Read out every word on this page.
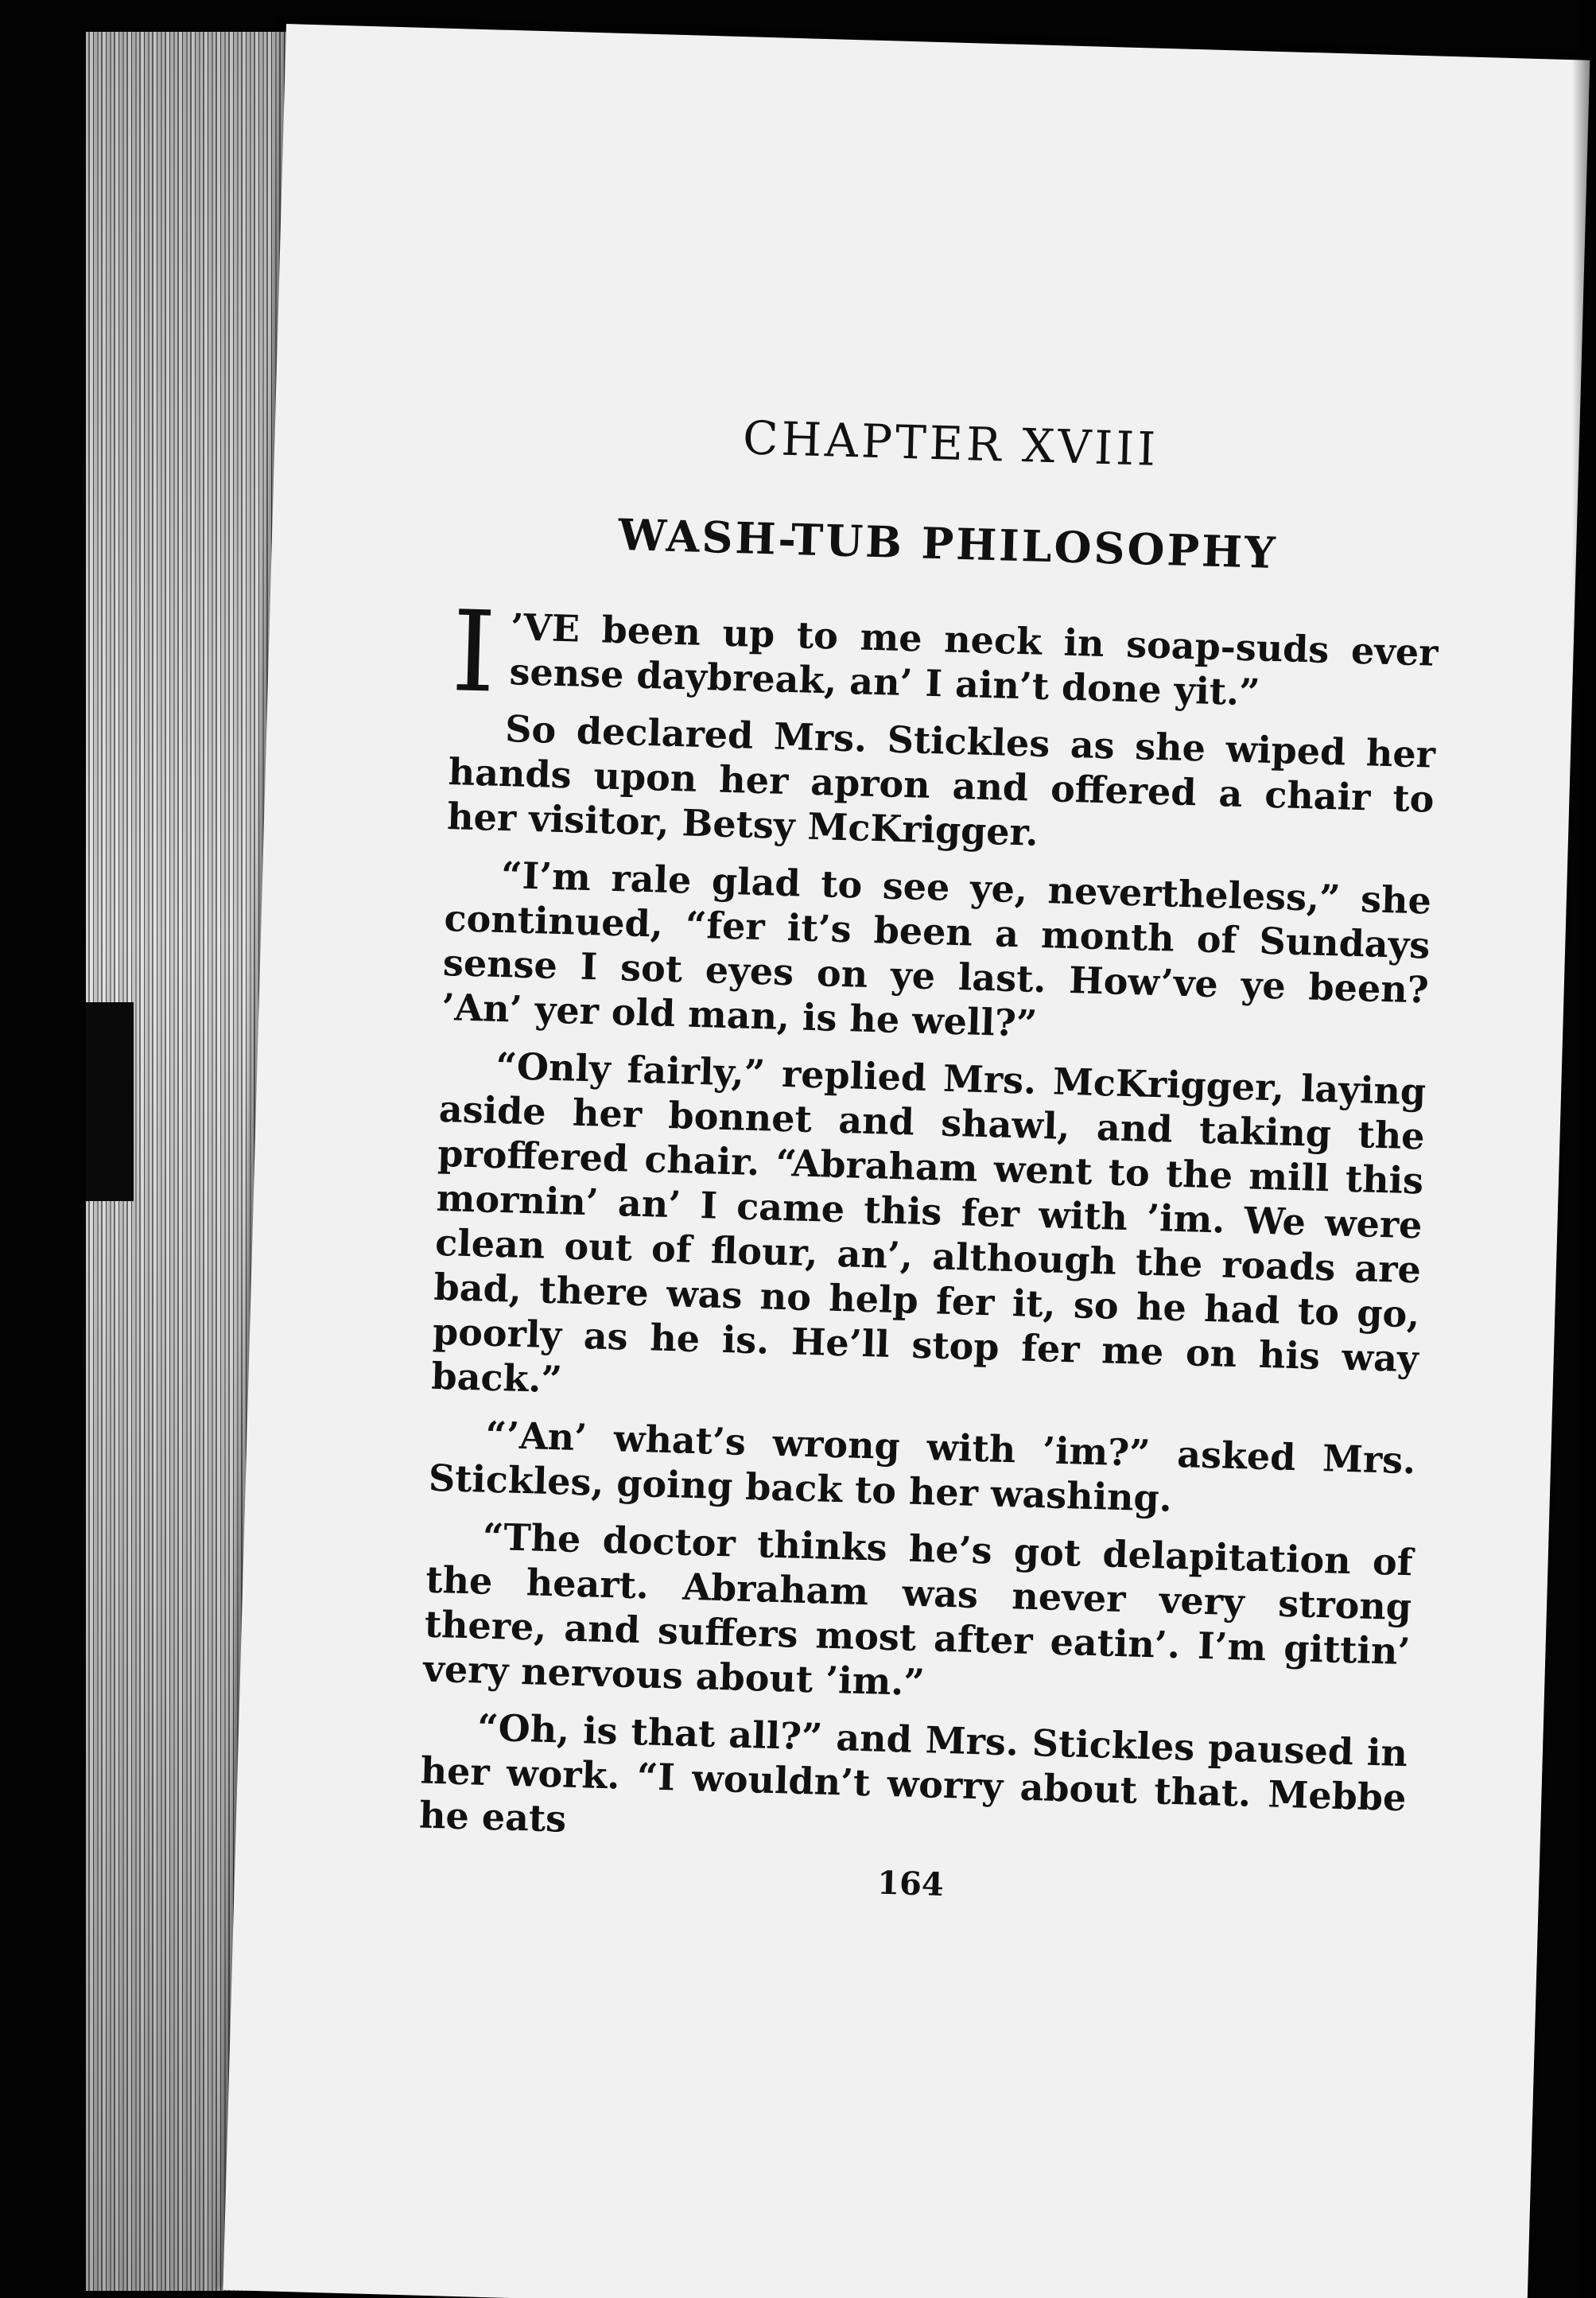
CHAPTER XVIII
WASH-TUB PHILOSOPHY

I ’VE been up to me neck in soap-suds ever sense daybreak, an’ I ain’t done yit.”

So declared Mrs. Stickles as she wiped her hands upon her apron and offered a chair to her visitor, Betsy McKrigger.

“I’m rale glad to see ye, nevertheless,” she continued, “fer it’s been a month of Sundays sense I sot eyes on ye last. How’ve ye been? ’An’ yer old man, is he well?”

“Only fairly,” replied Mrs. McKrigger, laying aside her bonnet and shawl, and taking the proffered chair. “Abraham went to the mill this mornin’ an’ I came this fer with ’im. We were clean out of flour, an’, although the roads are bad, there was no help fer it, so he had to go, poorly as he is. He’ll stop fer me on his way back.”

“’An’ what’s wrong with ’im?” asked Mrs. Stickles, going back to her washing.

“The doctor thinks he’s got delapitation of the heart. Abraham was never very strong there, and suffers most after eatin’. I’m gittin’ very nervous about ’im.”

“Oh, is that all?” and Mrs. Stickles paused in her work. “I wouldn’t worry about that. Mebbe he eats

164
